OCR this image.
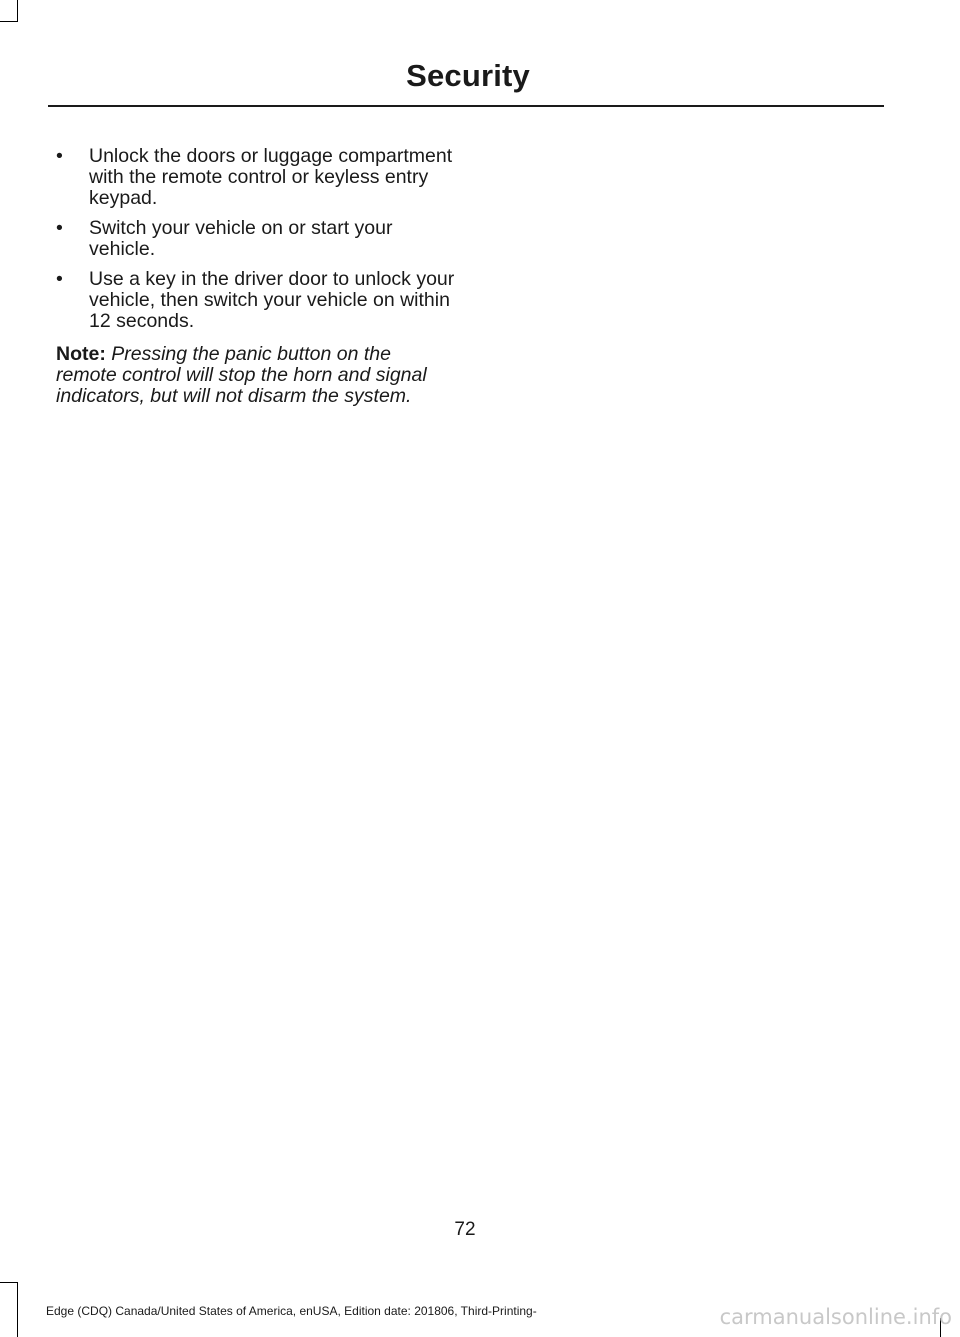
Security
•	Unlock the doors or luggage compartment with the remote control or keyless entry keypad.
•	Switch your vehicle on or start your vehicle.
•	Use a key in the driver door to unlock your vehicle, then switch your vehicle on within 12 seconds.

Note: Pressing the panic button on the remote control will stop the horn and signal indicators, but will not disarm the system.

72
Edge (CDQ) Canada/United States of America, enUSA, Edition date: 201806, Third-Printing-	carmanualsonline.info
